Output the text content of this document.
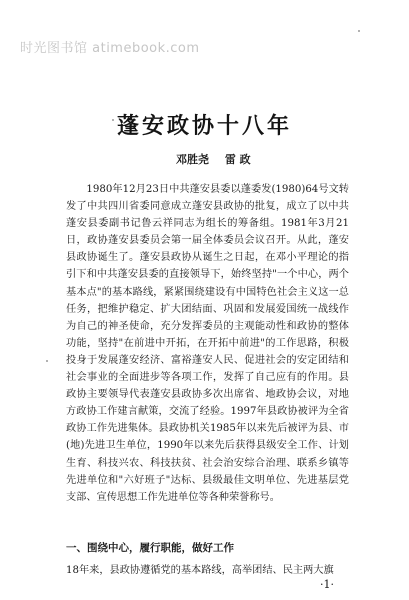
时光图书馆 atimebook.com
蓬安政协十八年
邓胜尧 雷 政

1980年12月23日中共蓬安县委以蓬委发(1980)64号文转发了中共四川省委同意成立蓬安县政协的批复，成立了以中共蓬安县委副书记鲁云祥同志为组长的筹备组。1981年3月21日，政协蓬安县委员会第一届全体委员会议召开。从此，蓬安县政协诞生了。蓬安县政协从诞生之日起，在邓小平理论的指引下和中共蓬安县委的直接领导下，始终坚持"一个中心，两个基本点"的基本路线，紧紧围绕建设有中国特色社会主义这一总任务，把维护稳定、扩大团结面、巩固和发展爱国统一战线作为自己的神圣使命，充分发挥委员的主观能动性和政协的整体功能，坚持"在前进中开拓，在开拓中前进"的工作思路，积极投身于发展蓬安经济、富裕蓬安人民、促进社会的安定团结和社会事业的全面进步等各项工作，发挥了自己应有的作用。县政协主要领导代表蓬安县政协多次出席省、地政协会议，对地方政协工作建言献策，交流了经验。1997年县政协被评为全省政协工作先进集体。县政协机关1985年以来先后被评为县、市(地)先进卫生单位，1990年以来先后获得县级安全工作、计划生育、科技兴农、科技扶贫、社会治安综合治理、联系乡镇等先进单位和"六好班子"达标、县级最佳文明单位、先进基层党支部、宣传思想工作先进单位等各种荣誉称号。

一、围绕中心，履行职能，做好工作
18年来，县政协遵循党的基本路线，高举团结、民主两大旗
·1·
